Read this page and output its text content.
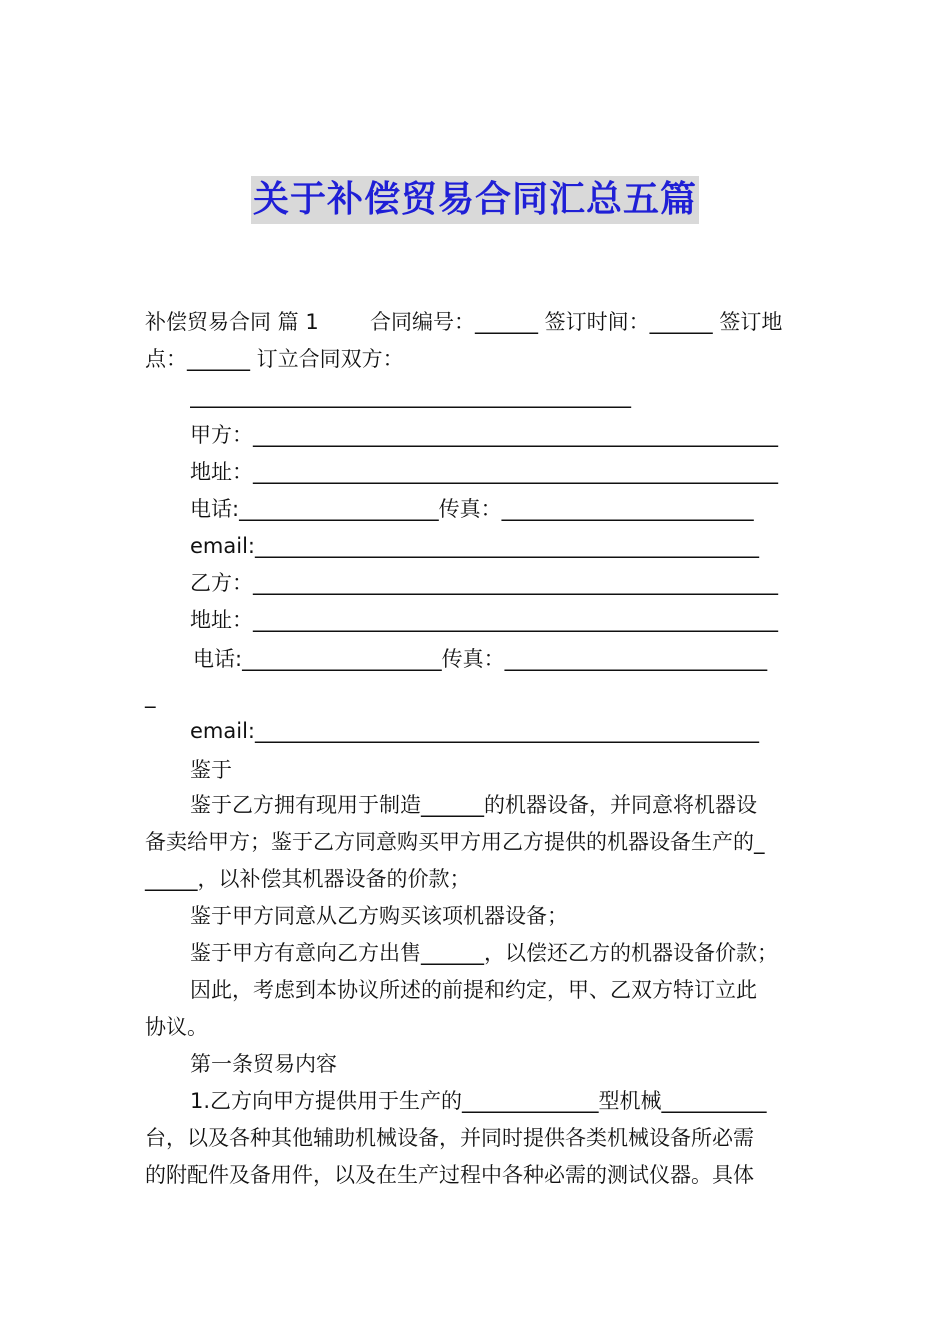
关于补偿贸易合同汇总五篇
补偿贸易合同 篇 1 合同编号：______ 签订时间：______ 签订地
点：______ 订立合同双方：
__________________________________________
甲方：__________________________________________________
地址：__________________________________________________
电话:___________________传真：________________________
email:________________________________________________
乙方：__________________________________________________
地址：__________________________________________________
电话:___________________传真：_________________________
_
email:________________________________________________
鉴于
鉴于乙方拥有现用于制造______的机器设备，并同意将机器设
备卖给甲方；鉴于乙方同意购买甲方用乙方提供的机器设备生产的_
_____，以补偿其机器设备的价款；
鉴于甲方同意从乙方购买该项机器设备；
鉴于甲方有意向乙方出售______，以偿还乙方的机器设备价款；
因此，考虑到本协议所述的前提和约定，甲、乙双方特订立此
协议。
第一条贸易内容
1.乙方向甲方提供用于生产的_____________型机械__________
台，以及各种其他辅助机械设备，并同时提供各类机械设备所必需
的附配件及备用件，以及在生产过程中各种必需的测试仪器。具体
